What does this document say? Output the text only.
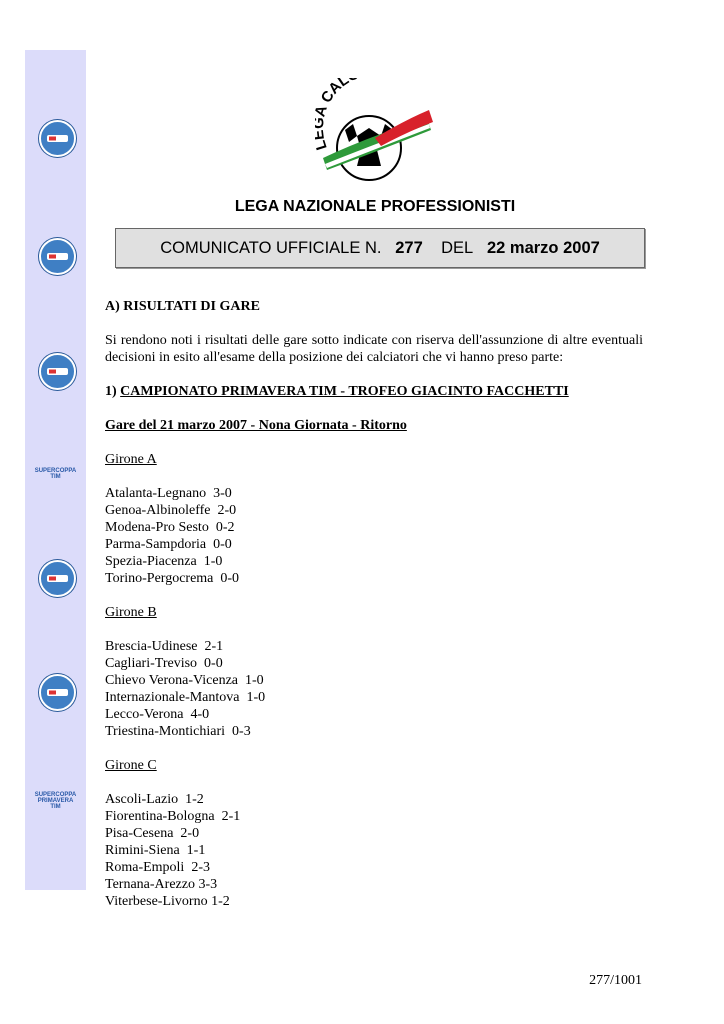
SUPERCOPPA
TIM
SUPERCOPPA
PRIMAVERA
TIM
CAL
LEGA NAZIONALE PROFESSIONISTI
COMUNICATO UFFICIALE N. 277 DEL 22 marzo 2007
A) RISULTATI DI GARE
Si rendono noti i risultati delle gare sotto indicate con riserva dell'assunzione di altre eventuali decisioni in esito all'esame della posizione dei calciatori che vi hanno preso parte:
1) CAMPIONATO PRIMAVERA TIM - TROFEO GIACINTO FACCHETTI
Gare del 21 marzo 2007 - Nona Giornata - Ritorno
Girone A
Atalanta-Legnano  3-0
Genoa-Albinoleffe  2-0
Modena-Pro Sesto  0-2
Parma-Sampdoria  0-0
Spezia-Piacenza  1-0
Torino-Pergocrema  0-0
Girone B
Brescia-Udinese  2-1
Cagliari-Treviso  0-0
Chievo Verona-Vicenza  1-0
Internazionale-Mantova  1-0
Lecco-Verona  4-0
Triestina-Montichiari  0-3
Girone C
Ascoli-Lazio  1-2
Fiorentina-Bologna  2-1
Pisa-Cesena  2-0
Rimini-Siena  1-1
Roma-Empoli  2-3
Ternana-Arezzo 3-3
Viterbese-Livorno 1-2
277/1001
